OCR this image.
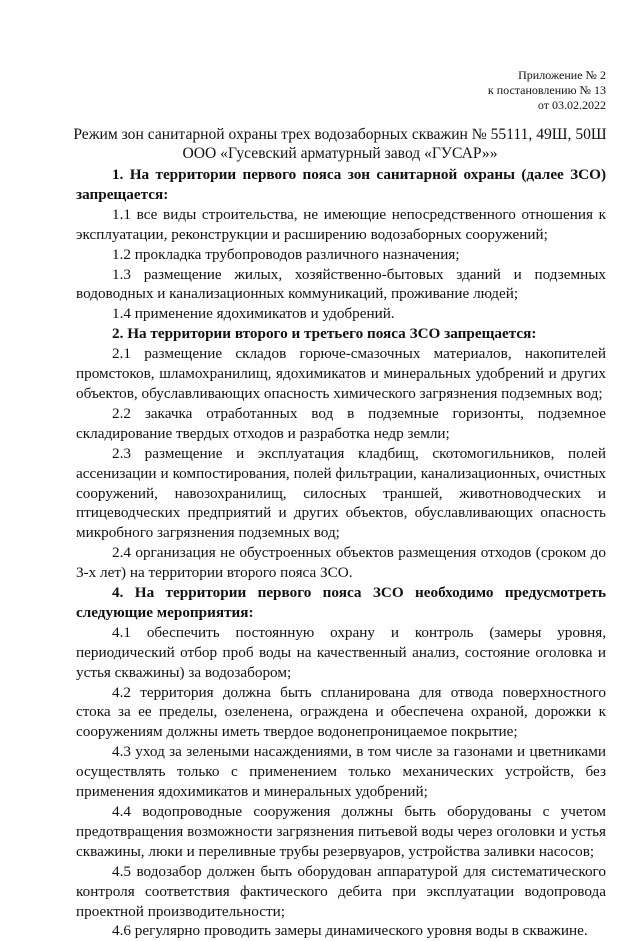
Приложение № 2
к постановлению № 13
от 03.02.2022
Режим зон санитарной охраны трех водозаборных скважин № 55111, 49Ш, 50Ш
ООО «Гусевский арматурный завод «ГУСАР»»

1. На территории первого пояса зон санитарной охраны (далее ЗСО) запрещается:

1.1 все виды строительства, не имеющие непосредственного отношения к эксплуатации, реконструкции и расширению водозаборных сооружений;

1.2 прокладка трубопроводов различного назначения;

1.3 размещение жилых, хозяйственно-бытовых зданий и подземных водоводных и канализационных коммуникаций, проживание людей;

1.4 применение ядохимикатов и удобрений.

2. На территории второго и третьего пояса ЗСО запрещается:

2.1 размещение складов горюче-смазочных материалов, накопителей промстоков, шламохранилищ, ядохимикатов и минеральных удобрений и других объектов, обуславливающих опасность химического загрязнения подземных вод;

2.2 закачка отработанных вод в подземные горизонты, подземное складирование твердых отходов и разработка недр земли;

2.3 размещение и эксплуатация кладбищ, скотомогильников, полей ассенизации и компостирования, полей фильтрации, канализационных, очистных сооружений, навозохранилищ, силосных траншей, животноводческих и птицеводческих предприятий и других объектов, обуславливающих опасность микробного загрязнения подземных вод;

2.4 организация не обустроенных объектов размещения отходов (сроком до 3-х лет) на территории второго пояса ЗСО.

4. На территории первого пояса ЗСО необходимо предусмотреть следующие мероприятия:

4.1 обеспечить постоянную охрану и контроль (замеры уровня, периодический отбор проб воды на качественный анализ, состояние оголовка и устья скважины) за водозабором;

4.2 территория должна быть спланирована для отвода поверхностного стока за ее пределы, озеленена, ограждена и обеспечена охраной, дорожки к сооружениям должны иметь твердое водонепроницаемое покрытие;

4.3 уход за зелеными насаждениями, в том числе за газонами и цветниками осуществлять только с применением только механических устройств, без применения ядохимикатов и минеральных удобрений;

4.4 водопроводные сооружения должны быть оборудованы с учетом предотвращения возможности загрязнения питьевой воды через оголовки и устья скважины, люки и переливные трубы резервуаров, устройства заливки насосов;

4.5 водозабор должен быть оборудован аппаратурой для систематического контроля соответствия фактического дебита при эксплуатации водопровода проектной производительности;

4.6 регулярно проводить замеры динамического уровня воды в скважине.
